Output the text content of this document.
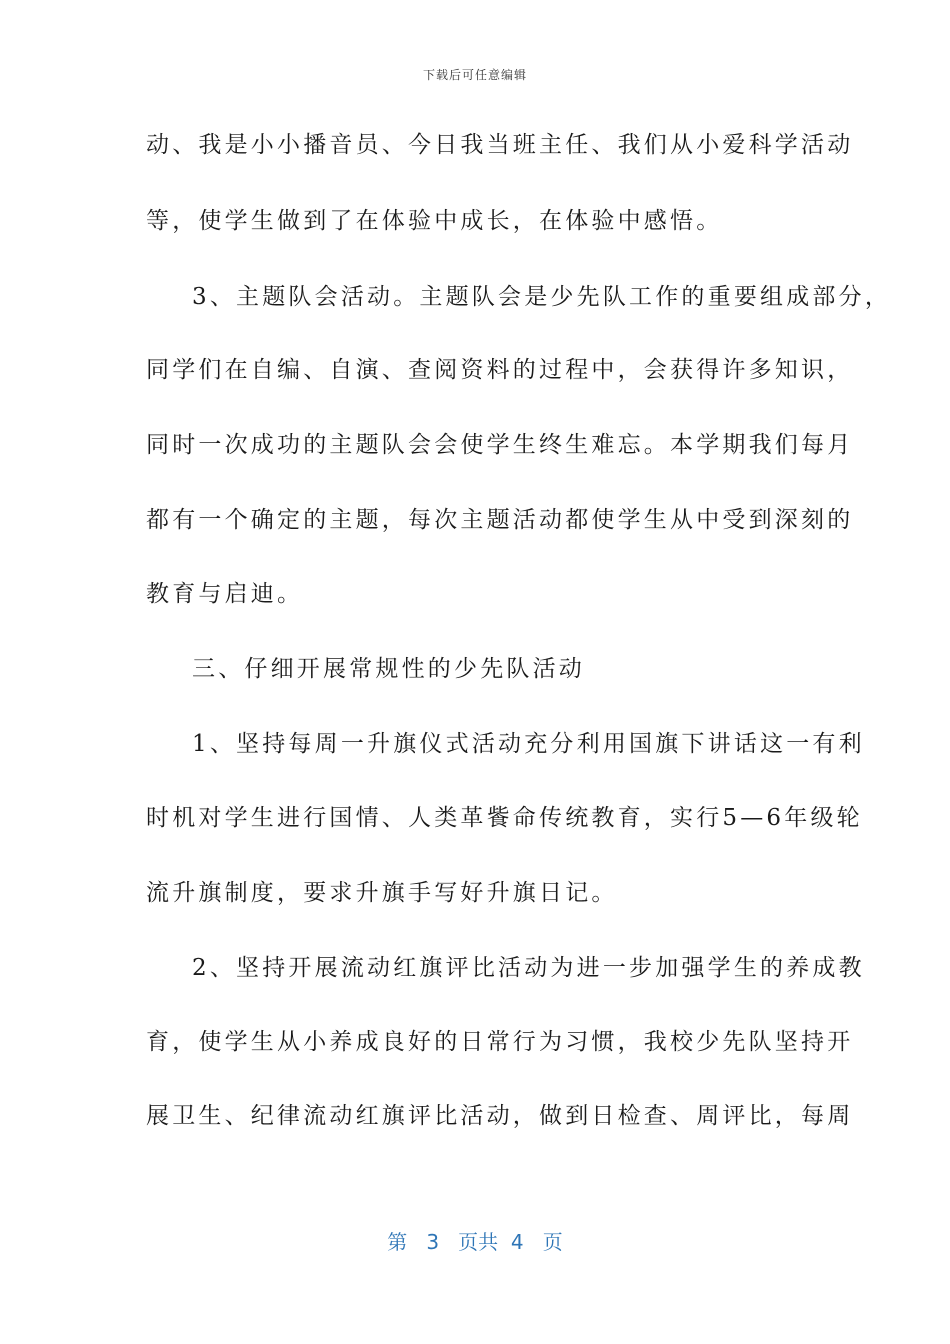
下载后可任意编辑
动、我是小小播音员、今日我当班主任、我们从小爱科学活动
等，使学生做到了在体验中成长，在体验中感悟。
3、主题队会活动。主题队会是少先队工作的重要组成部分，
同学们在自编、自演、查阅资料的过程中，会获得许多知识，
同时一次成功的主题队会会使学生终生难忘。本学期我们每月
都有一个确定的主题，每次主题活动都使学生从中受到深刻的
教育与启迪。
三、仔细开展常规性的少先队活动
1、坚持每周一升旗仪式活动充分利用国旗下讲话这一有利
时机对学生进行国情、人类革飺命传统教育，实行5—6年级轮
流升旗制度，要求升旗手写好升旗日记。
2、坚持开展流动红旗评比活动为进一步加强学生的养成教
育，使学生从小养成良好的日常行为习惯，我校少先队坚持开
展卫生、纪律流动红旗评比活动，做到日检查、周评比，每周
第 3 页共 4 页
